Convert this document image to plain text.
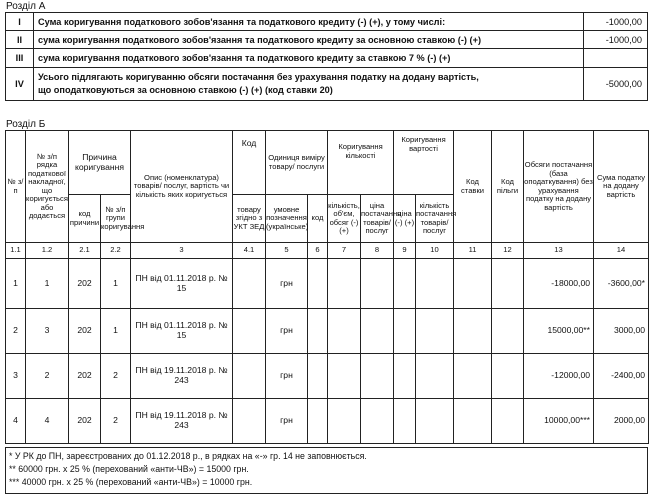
Розділ А
I	Сума коригування податкового зобов'язання та податкового кредиту (-) (+), у тому числі:	-1000,00
II	сума коригування податкового зобов'язання та податкового кредиту за основною ставкою (-) (+)	-1000,00
III	сума коригування податкового зобов'язання та податкового кредиту за ставкою 7 % (-) (+)	
IV	Усього підлягають коригуванню обсяги постачання без урахування податку на додану вартість,
що оподатковуються за основною ставкою (-) (+) (код ставки 20)	-5000,00
Розділ Б
№ з/п	№ з/п рядка податкової накладної, що коригується або додається	Причина коригування		Опис (номенклатура) товарів/ послуг, вартість чи кількість яких коригується	Код	Одиниця виміру товару/ послуги		Коригування кількості		Коригування вартості		Код ставки	Код пільги	Обсяги постачання (база оподаткування) без урахування податку на додану вартість	Сума податку на додану вартість
		код причини	№ з/п групи коригування		товару згідно з УКТ ЗЕД	умовне позначення (українське)	код	кількість, об'єм, обсяг (-) (+)	ціна постачання товарів/ послуг	ціна (-) (+)	кількість постачання товарів/ послуг				
1.1	1.2	2.1	2.2	3	4.1	5	6	7	8	9	10	11	12	13	14
1	1	202	1	ПН від 01.11.2018 р. № 15		грн								-18000,00	-3600,00*
2	3	202	1	ПН від 01.11.2018 р. № 15		грн								15000,00**	3000,00
3	2	202	2	ПН від 19.11.2018 р. № 243		грн								-12000,00	-2400,00
4	4	202	2	ПН від 19.11.2018 р. № 243		грн								10000,00***	2000,00
* У РК до ПН, зареєстрованих до 01.12.2018 р., в рядках на «-» гр. 14 не заповнюється.
** 60000 грн. х 25 % (перехований «анти-ЧВ») = 15000 грн.
*** 40000 грн. х 25 % (перехований «анти-ЧВ») = 10000 грн.
